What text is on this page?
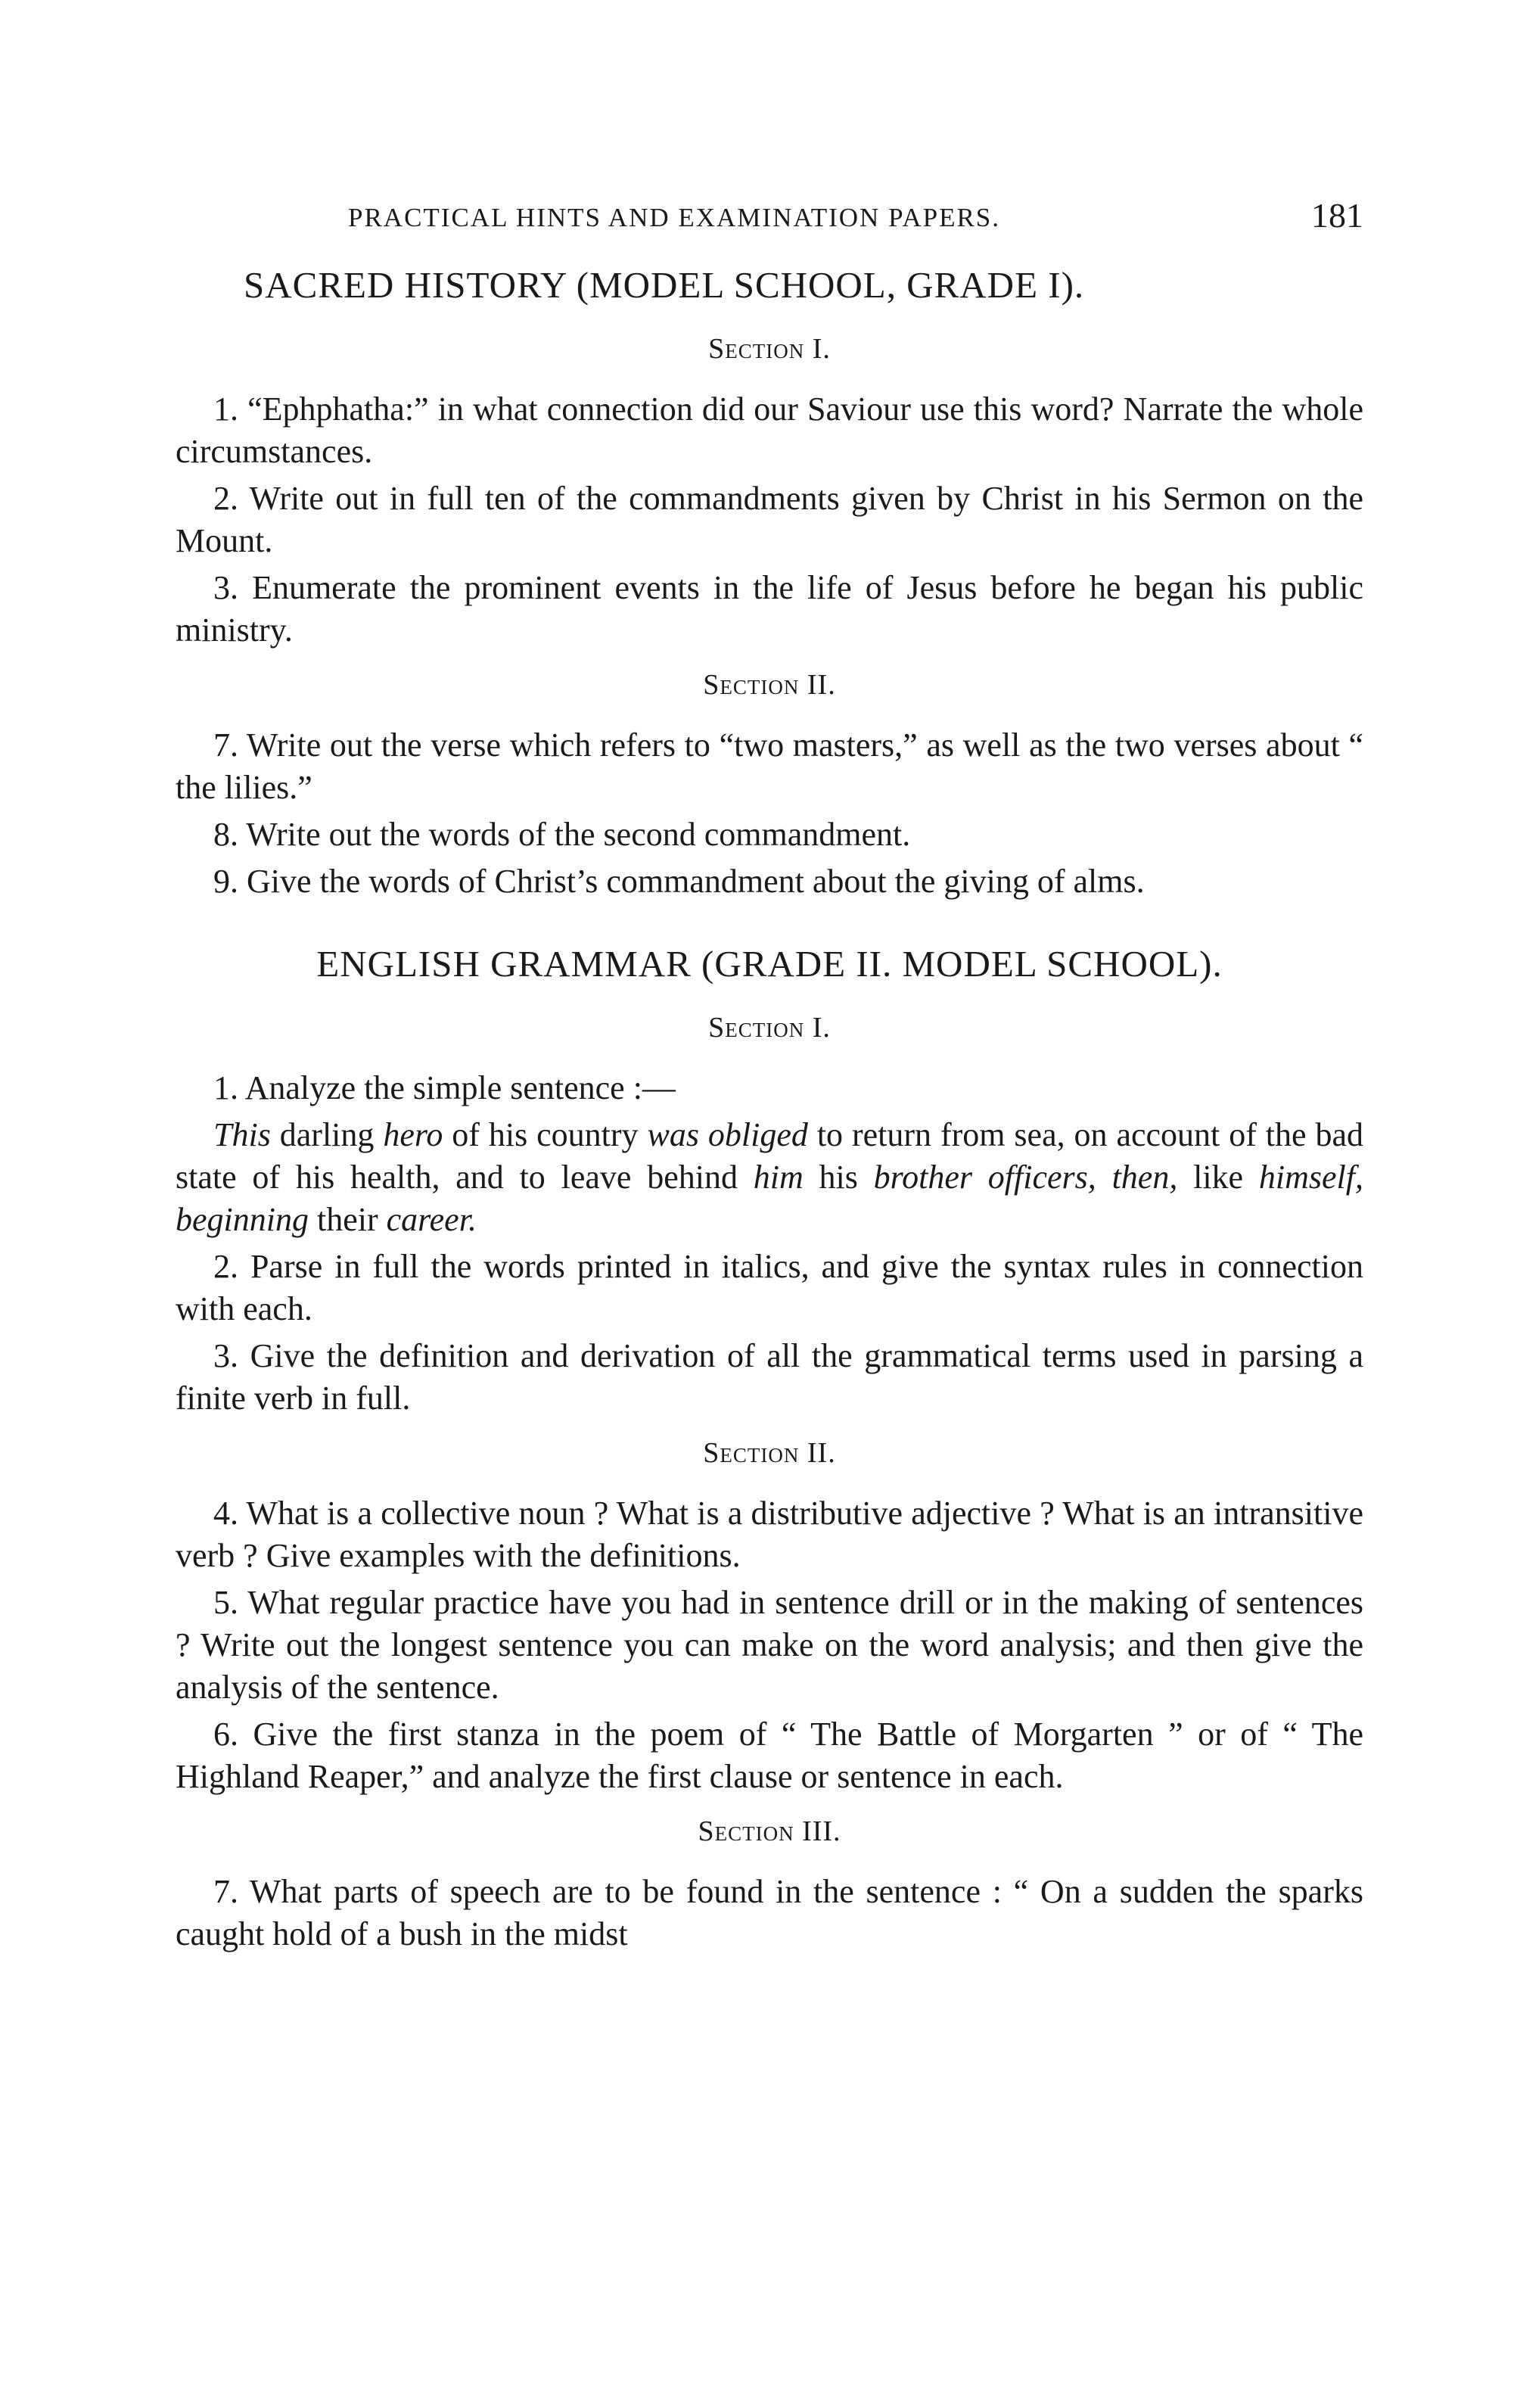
PRACTICAL HINTS AND EXAMINATION PAPERS.	181
SACRED HISTORY (MODEL SCHOOL, GRADE I).
Section I.

1. “Ephphatha:” in what connection did our Saviour use this word? Narrate the whole circumstances.

2. Write out in full ten of the commandments given by Christ in his Sermon on the Mount.

3. Enumerate the prominent events in the life of Jesus before he began his public ministry.

Section II.

7. Write out the verse which refers to “two masters,” as well as the two verses about “ the lilies.”

8. Write out the words of the second commandment.

9. Give the words of Christ’s commandment about the giving of alms.

ENGLISH GRAMMAR (GRADE II. MODEL SCHOOL).
Section I.

1. Analyze the simple sentence :—

This darling hero of his country was obliged to return from sea, on account of the bad state of his health, and to leave behind him his brother officers, then, like himself, beginning their career.

2. Parse in full the words printed in italics, and give the syntax rules in connection with each.

3. Give the definition and derivation of all the grammatical terms used in parsing a finite verb in full.

Section II.

4. What is a collective noun ? What is a distributive adjective ? What is an intransitive verb ? Give examples with the definitions.

5. What regular practice have you had in sentence drill or in the making of sentences ? Write out the longest sentence you can make on the word analysis; and then give the analysis of the sentence.

6. Give the first stanza in the poem of “ The Battle of Morgarten ” or of “ The Highland Reaper,” and analyze the first clause or sentence in each.

Section III.

7. What parts of speech are to be found in the sentence : “ On a sudden the sparks caught hold of a bush in the midst
